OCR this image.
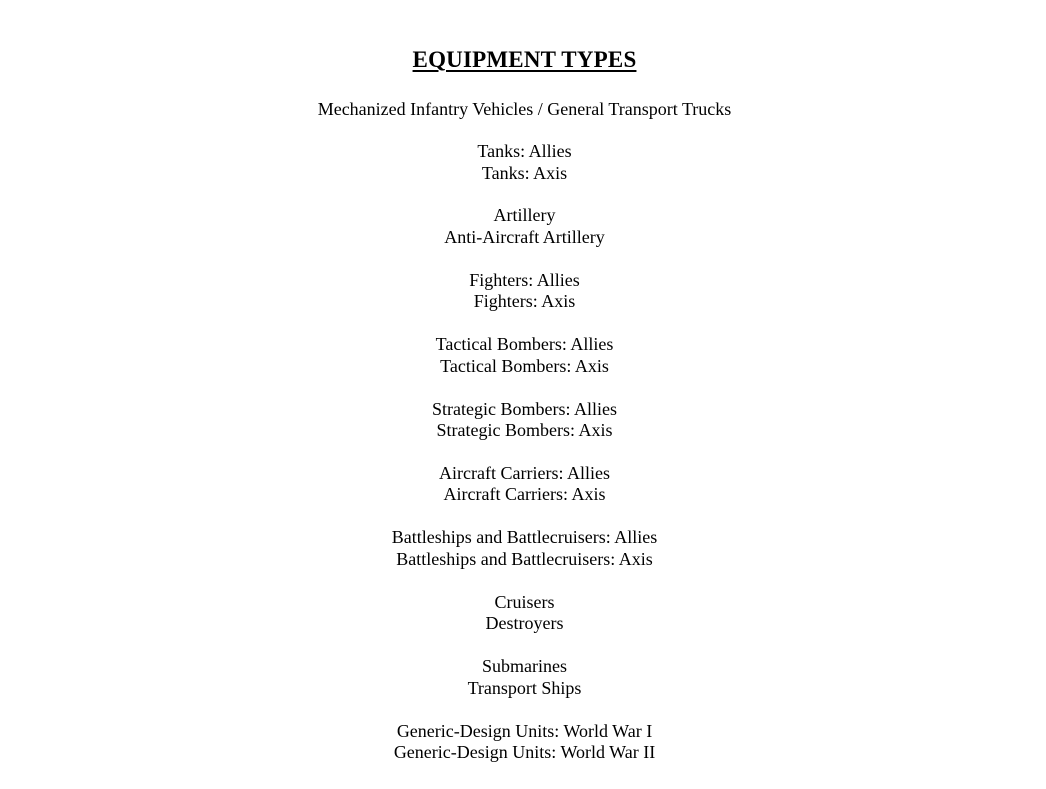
EQUIPMENT TYPES
Mechanized Infantry Vehicles / General Transport Trucks
Tanks: Allies
Tanks: Axis
Artillery
Anti-Aircraft Artillery
Fighters: Allies
Fighters: Axis
Tactical Bombers: Allies
Tactical Bombers: Axis
Strategic Bombers: Allies
Strategic Bombers: Axis
Aircraft Carriers: Allies
Aircraft Carriers: Axis
Battleships and Battlecruisers: Allies
Battleships and Battlecruisers: Axis
Cruisers
Destroyers
Submarines
Transport Ships
Generic-Design Units: World War I
Generic-Design Units: World War II
